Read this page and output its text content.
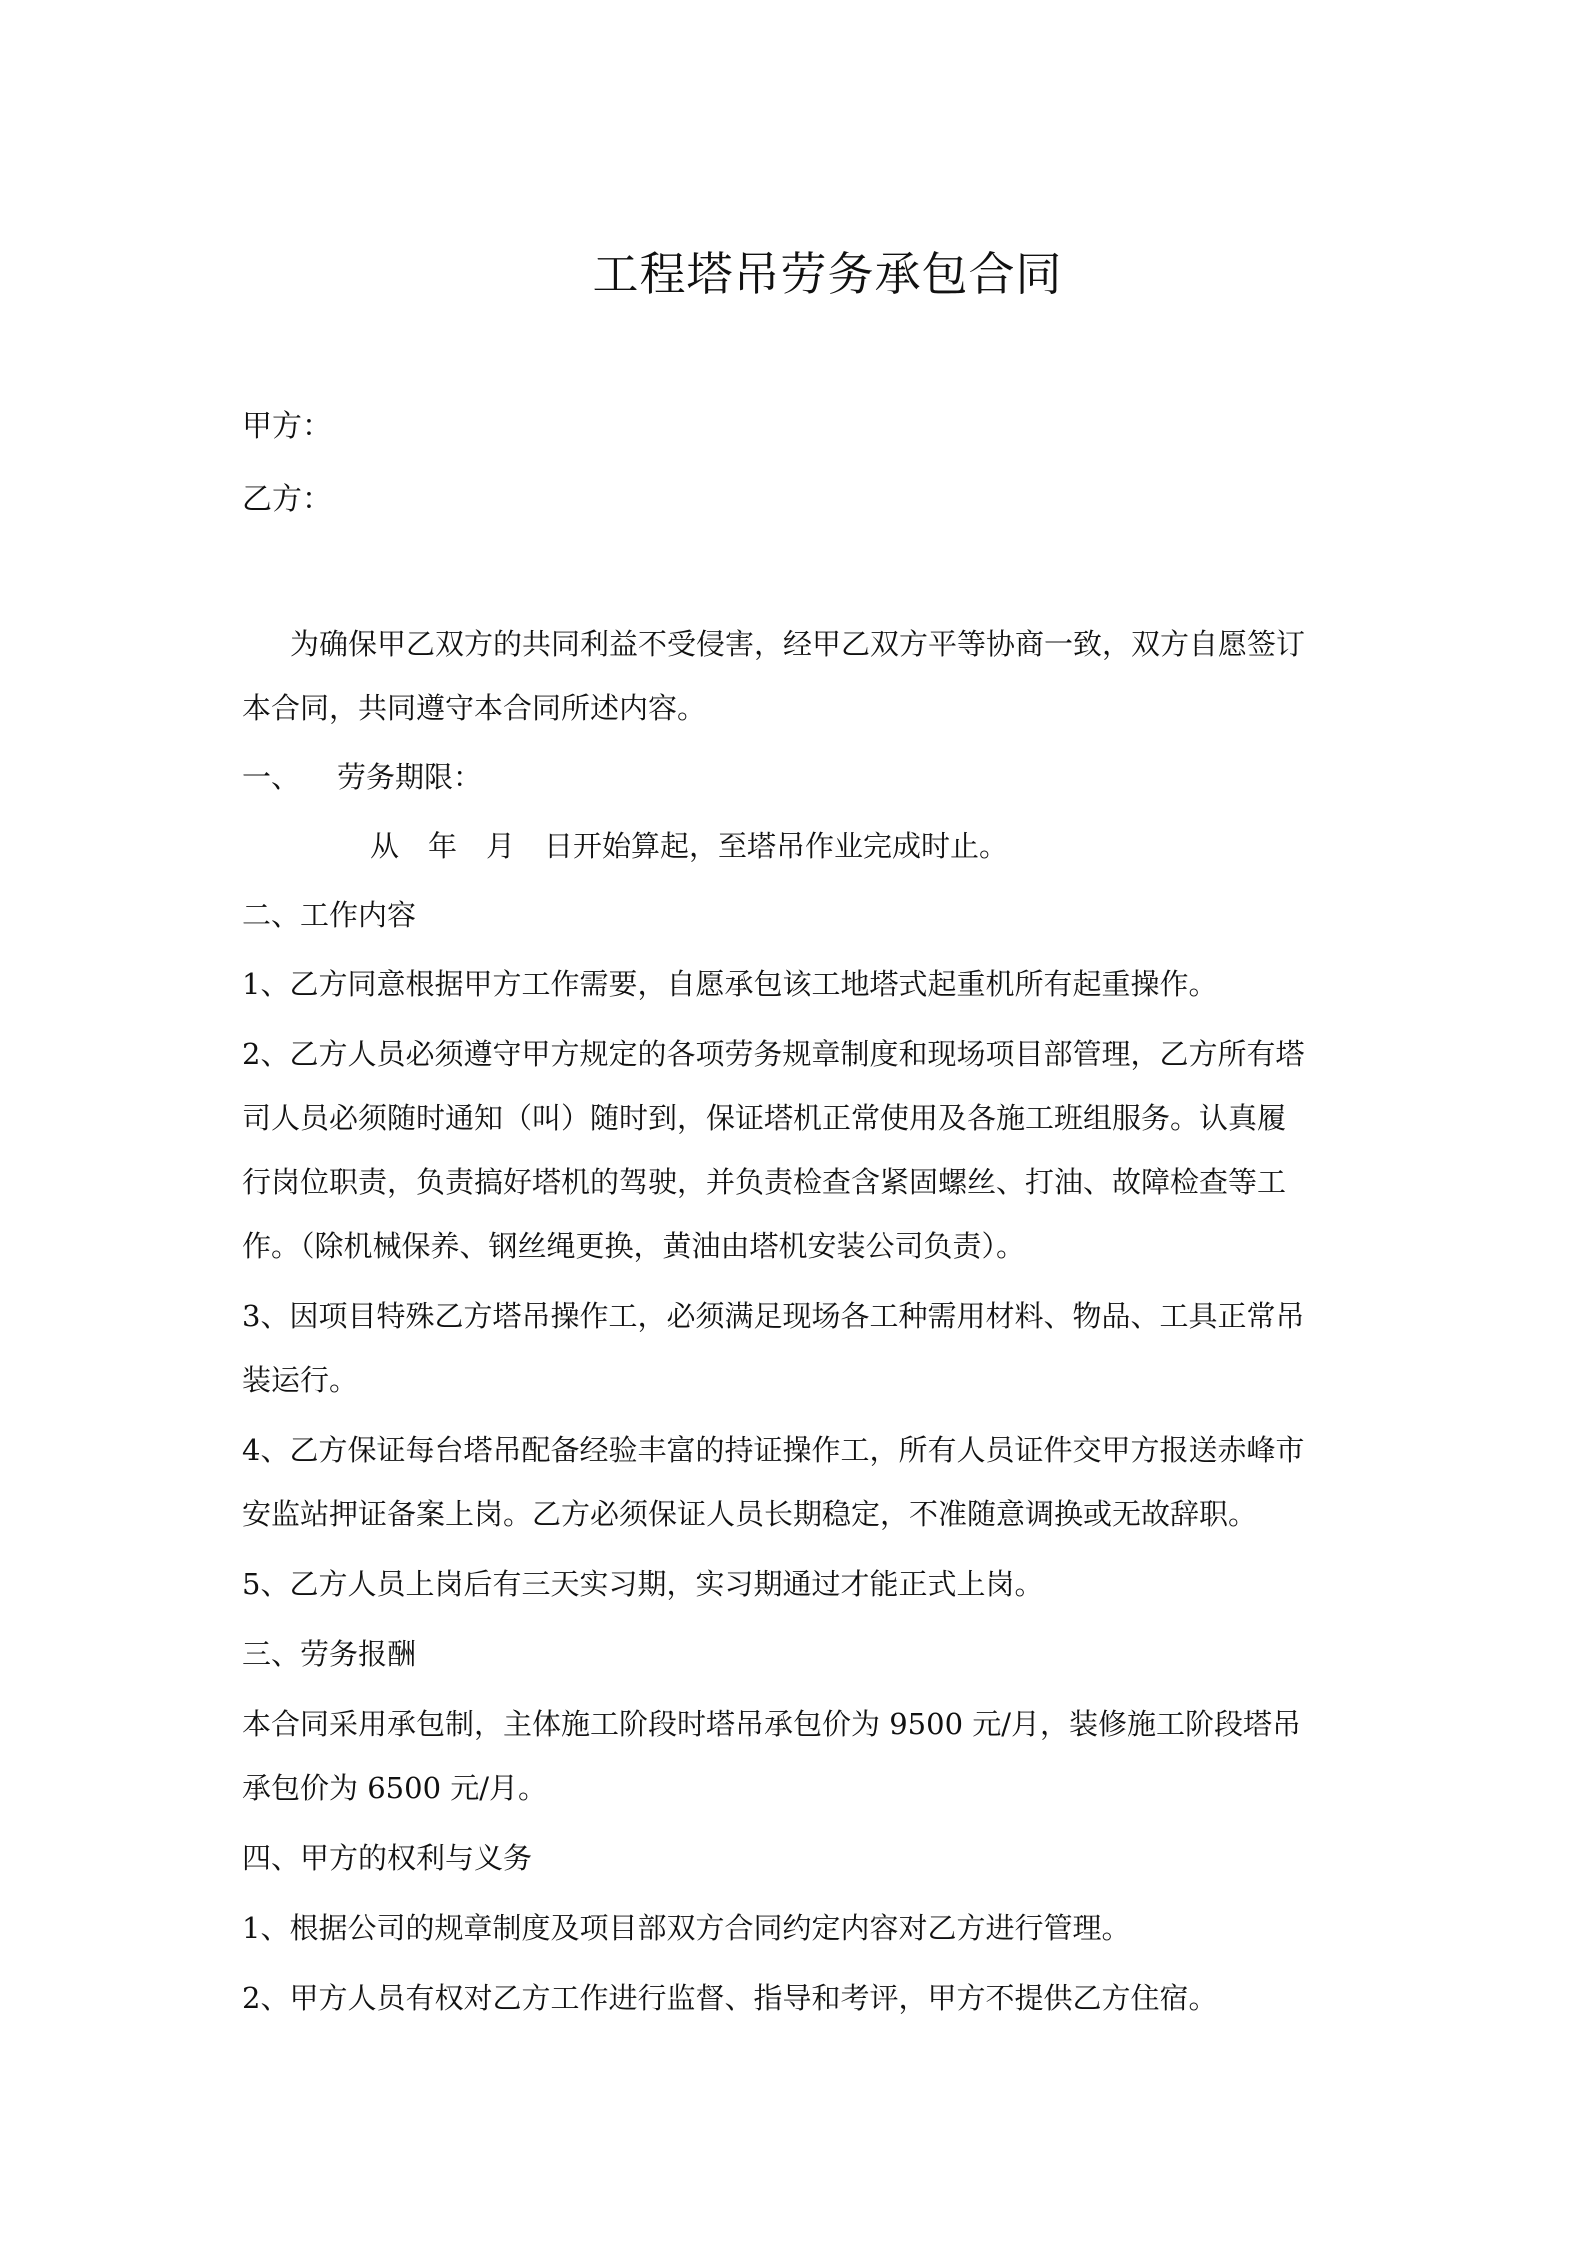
工程塔吊劳务承包合同
甲方：
乙方：
为确保甲乙双方的共同利益不受侵害，经甲乙双方平等协商一致，双方自愿签订
本合同，共同遵守本合同所述内容。
一、 劳务期限：
从　年　月　日开始算起，至塔吊作业完成时止。
二、工作内容
1、乙方同意根据甲方工作需要，自愿承包该工地塔式起重机所有起重操作。
2、乙方人员必须遵守甲方规定的各项劳务规章制度和现场项目部管理，乙方所有塔
司人员必须随时通知（叫）随时到，保证塔机正常使用及各施工班组服务。认真履
行岗位职责，负责搞好塔机的驾驶，并负责检查含紧固螺丝、打油、故障检查等工
作。（除机械保养、钢丝绳更换，黄油由塔机安装公司负责）。
3、因项目特殊乙方塔吊操作工，必须满足现场各工种需用材料、物品、工具正常吊
装运行。
4、乙方保证每台塔吊配备经验丰富的持证操作工，所有人员证件交甲方报送赤峰市
安监站押证备案上岗。乙方必须保证人员长期稳定，不准随意调换或无故辞职。
5、乙方人员上岗后有三天实习期，实习期通过才能正式上岗。
三、劳务报酬
本合同采用承包制，主体施工阶段时塔吊承包价为 9500 元/月，装修施工阶段塔吊
承包价为 6500 元/月。
四、甲方的权利与义务
1、根据公司的规章制度及项目部双方合同约定内容对乙方进行管理。
2、甲方人员有权对乙方工作进行监督、指导和考评，甲方不提供乙方住宿。
